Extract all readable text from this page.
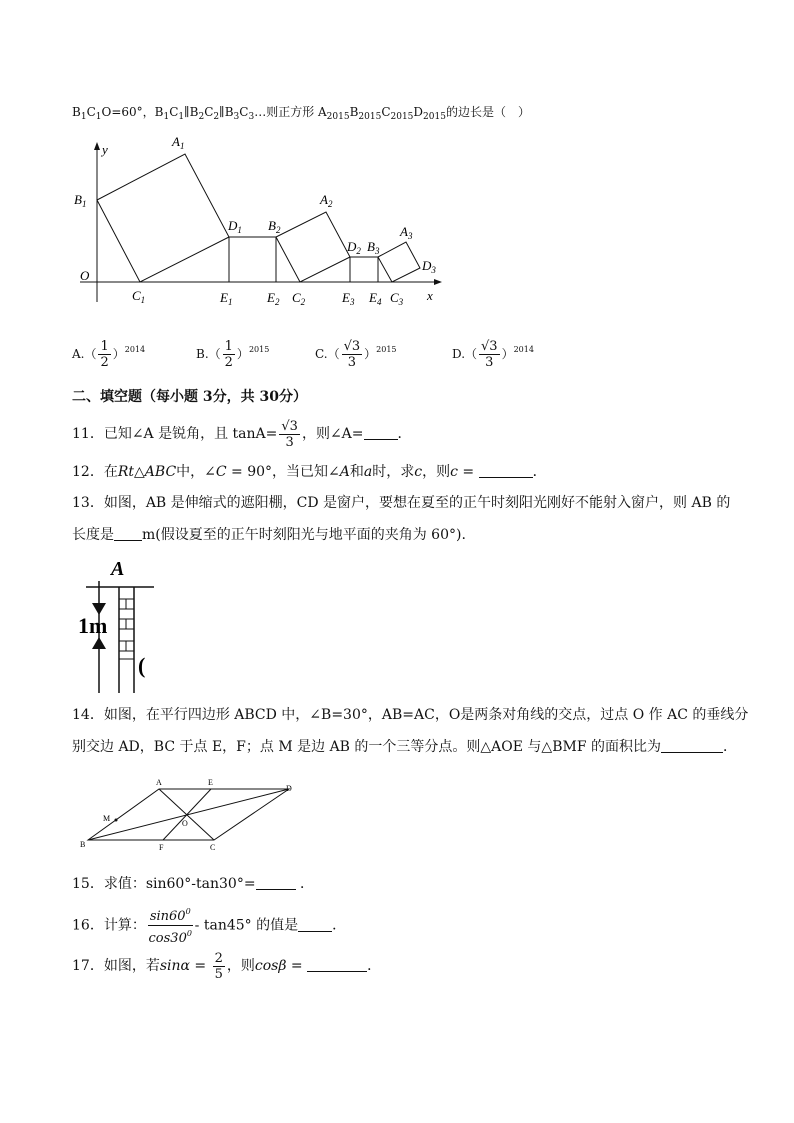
$B_1C_1O=60^\circ$，$B_1C_1\parallel B_2C_2\parallel B_3C_3\dots$则正方形 $A_{2015}B_{2015}C_{2015}D_{2015}$的边长是（　）
y
x
O
$B_1$
$A_1$
$C_1$
$D_1$
$E_1$	$E_2$
$B_2$
$A_2$
$C_2$
$D_2$ $B_3$
$E_3$ $E_4$ $C_3$
$A_3$
$D_3$
$A.( \frac{1}{2} )^{2014}$	$B.( \frac{1}{2} )^{2015}$	$C.( \frac{√3}{3} )^{2015}$	$D.( \frac{√3}{3} )^{2014}$
二、填空题（每小题 3分，共 30分）
11．已知∠A 是锐角，且 $\tan A= \frac{√3}{3}$ ，则∠A= ．
12．在Rt△ABC中，∠C = 90°，当已知∠A和a时，求c，则c =	．
13．如图，AB 是伸缩式的遮阳棚，CD 是窗户，要想在夏至的正午时刻阳光刚好不能射入窗户，则 AB 的
长度是 m(假设夏至的正午时刻阳光与地平面的夹角为 60°).
A
1m
(
14．如图，在平行四边形 ABCD 中，∠B=30°，AB=AC，O是两条对角线的交点，过点 O 作 AC 的垂线分
别交边 AD，BC 于点 E，F；点 M 是边 AB 的一个三等分点。则△AOE 与△BMF 的面积比为	．
A	E
D
M
O
B	F	C
15．求值：sin60°-tan30°=	．
16．计算： $\frac{\sin 60^0}{\cos 30^0} - \tan 45^\circ$ 的值是 ．
17．如图，若$\sin\alpha = \frac{2}{5}$ ，则cosβ =	．
